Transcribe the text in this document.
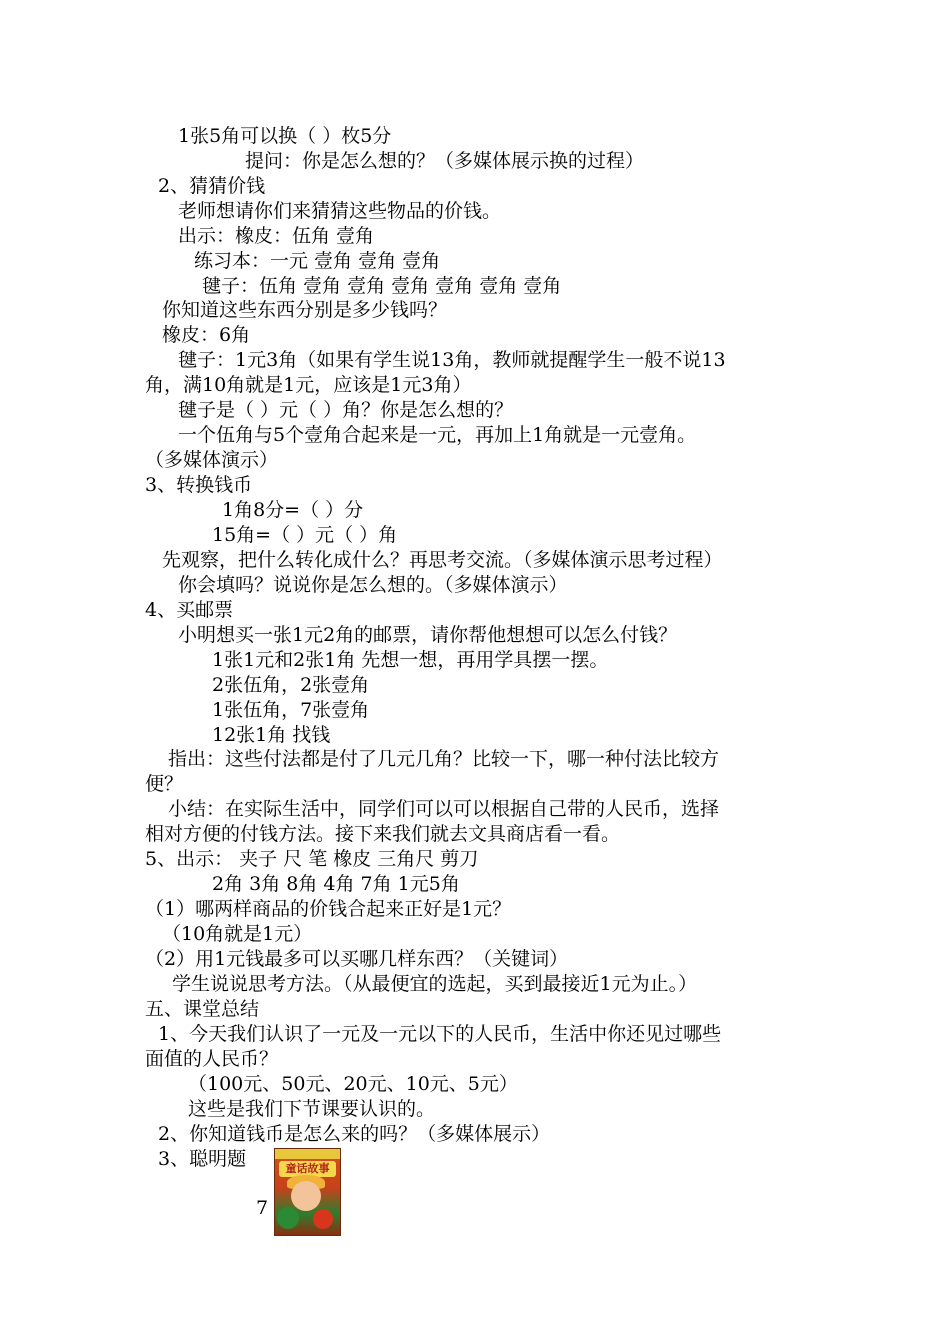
1张5角可以换（ ）枚5分
提问：你是怎么想的？（多媒体展示换的过程）
2、猜猜价钱
老师想请你们来猜猜这些物品的价钱。
出示：橡皮：伍角 壹角
练习本：一元 壹角 壹角 壹角
毽子：伍角 壹角 壹角 壹角 壹角 壹角 壹角
你知道这些东西分别是多少钱吗？
橡皮：6角
毽子：1元3角（如果有学生说13角，教师就提醒学生一般不说13
角，满10角就是1元，应该是1元3角）
毽子是（ ）元（ ）角？你是怎么想的？
一个伍角与5个壹角合起来是一元，再加上1角就是一元壹角。
（多媒体演示）
3、转换钱币
1角8分=（ ）分
15角=（ ）元（ ）角
先观察，把什么转化成什么？再思考交流。（多媒体演示思考过程）
你会填吗？说说你是怎么想的。（多媒体演示）
4、买邮票
小明想买一张1元2角的邮票，请你帮他想想可以怎么付钱？
1张1元和2张1角 先想一想，再用学具摆一摆。
2张伍角，2张壹角
1张伍角，7张壹角
12张1角 找钱
指出：这些付法都是付了几元几角？比较一下，哪一种付法比较方
便？
小结：在实际生活中，同学们可以可以根据自己带的人民币，选择
相对方便的付钱方法。接下来我们就去文具商店看一看。
5、出示： 夹子 尺 笔 橡皮 三角尺 剪刀
2角 3角 8角 4角 7角 1元5角
（1）哪两样商品的价钱合起来正好是1元？
（10角就是1元）
（2）用1元钱最多可以买哪几样东西？（关键词）
学生说说思考方法。（从最便宜的选起，买到最接近1元为止。）
五、课堂总结
1、今天我们认识了一元及一元以下的人民币，生活中你还见过哪些
面值的人民币？
（100元、50元、20元、10元、5元）
这些是我们下节课要认识的。
2、你知道钱币是怎么来的吗？（多媒体展示）
3、聪明题
7
童话故事
